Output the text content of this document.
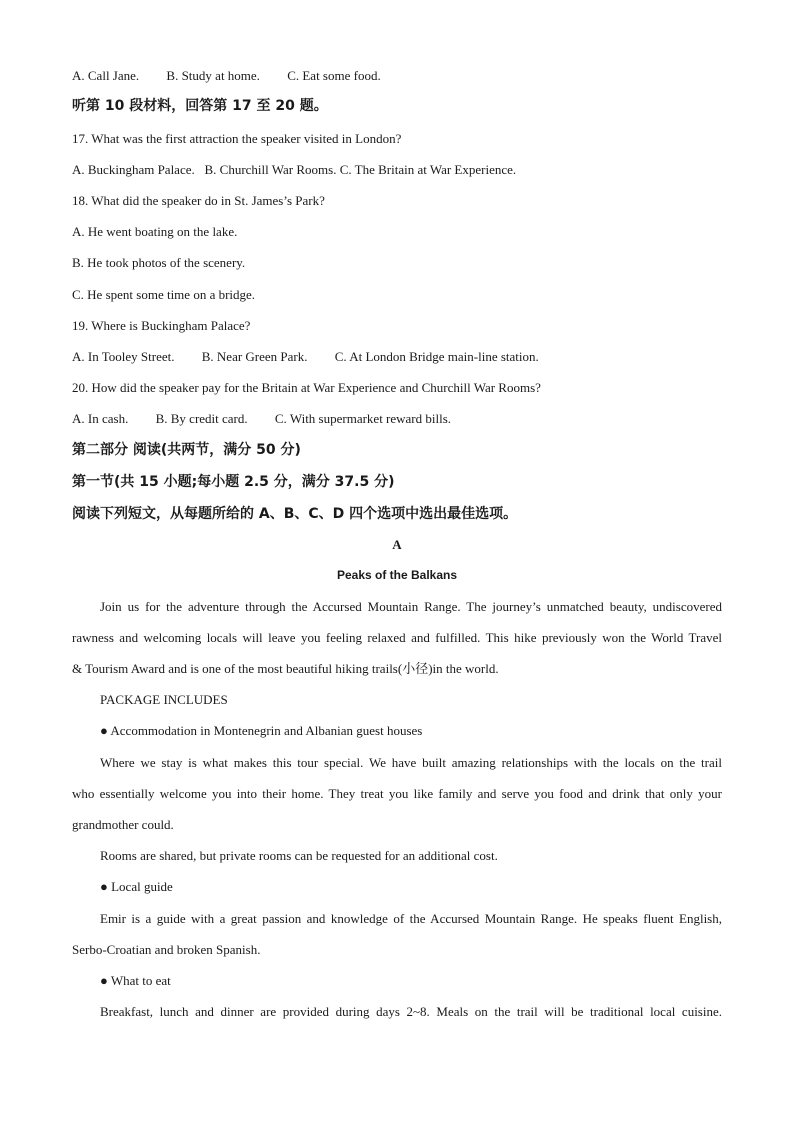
A. Call Jane. B. Study at home. C. Eat some food.
听第 10 段材料，回答第 17 至 20 题。
17. What was the first attraction the speaker visited in London?
A. Buckingham Palace.   B. Churchill War Rooms. C. The Britain at War Experience.
18. What did the speaker do in St. James’s Park?
A. He went boating on the lake.
B. He took photos of the scenery.
C. He spent some time on a bridge.
19. Where is Buckingham Palace?
A. In Tooley Street. B. Near Green Park. C. At London Bridge main-line station.
20. How did the speaker pay for the Britain at War Experience and Churchill War Rooms?
A. In cash. B. By credit card. C. With supermarket reward bills.
第二部分 阅读(共两节，满分 50 分)
第一节(共 15 小题;每小题 2.5 分，满分 37.5 分)
阅读下列短文，从每题所给的 A、B、C、D 四个选项中选出最佳选项。
A
Peaks of the Balkans
Join us for the adventure through the Accursed Mountain Range. The journey’s unmatched beauty, undiscovered
rawness and welcoming locals will leave you feeling relaxed and fulfilled. This hike previously won the World Travel
& Tourism Award and is one of the most beautiful hiking trails(小径)in the world.
PACKAGE INCLUDES
● Accommodation in Montenegrin and Albanian guest houses
Where we stay is what makes this tour special. We have built amazing relationships with the locals on the trail
who essentially welcome you into their home. They treat you like family and serve you food and drink that only your
grandmother could.
Rooms are shared, but private rooms can be requested for an additional cost.
● Local guide
Emir is a guide with a great passion and knowledge of the Accursed Mountain Range. He speaks fluent English,
Serbo-Croatian and broken Spanish.
● What to eat
Breakfast, lunch and dinner are provided during days 2~8. Meals on the trail will be traditional local cuisine.
